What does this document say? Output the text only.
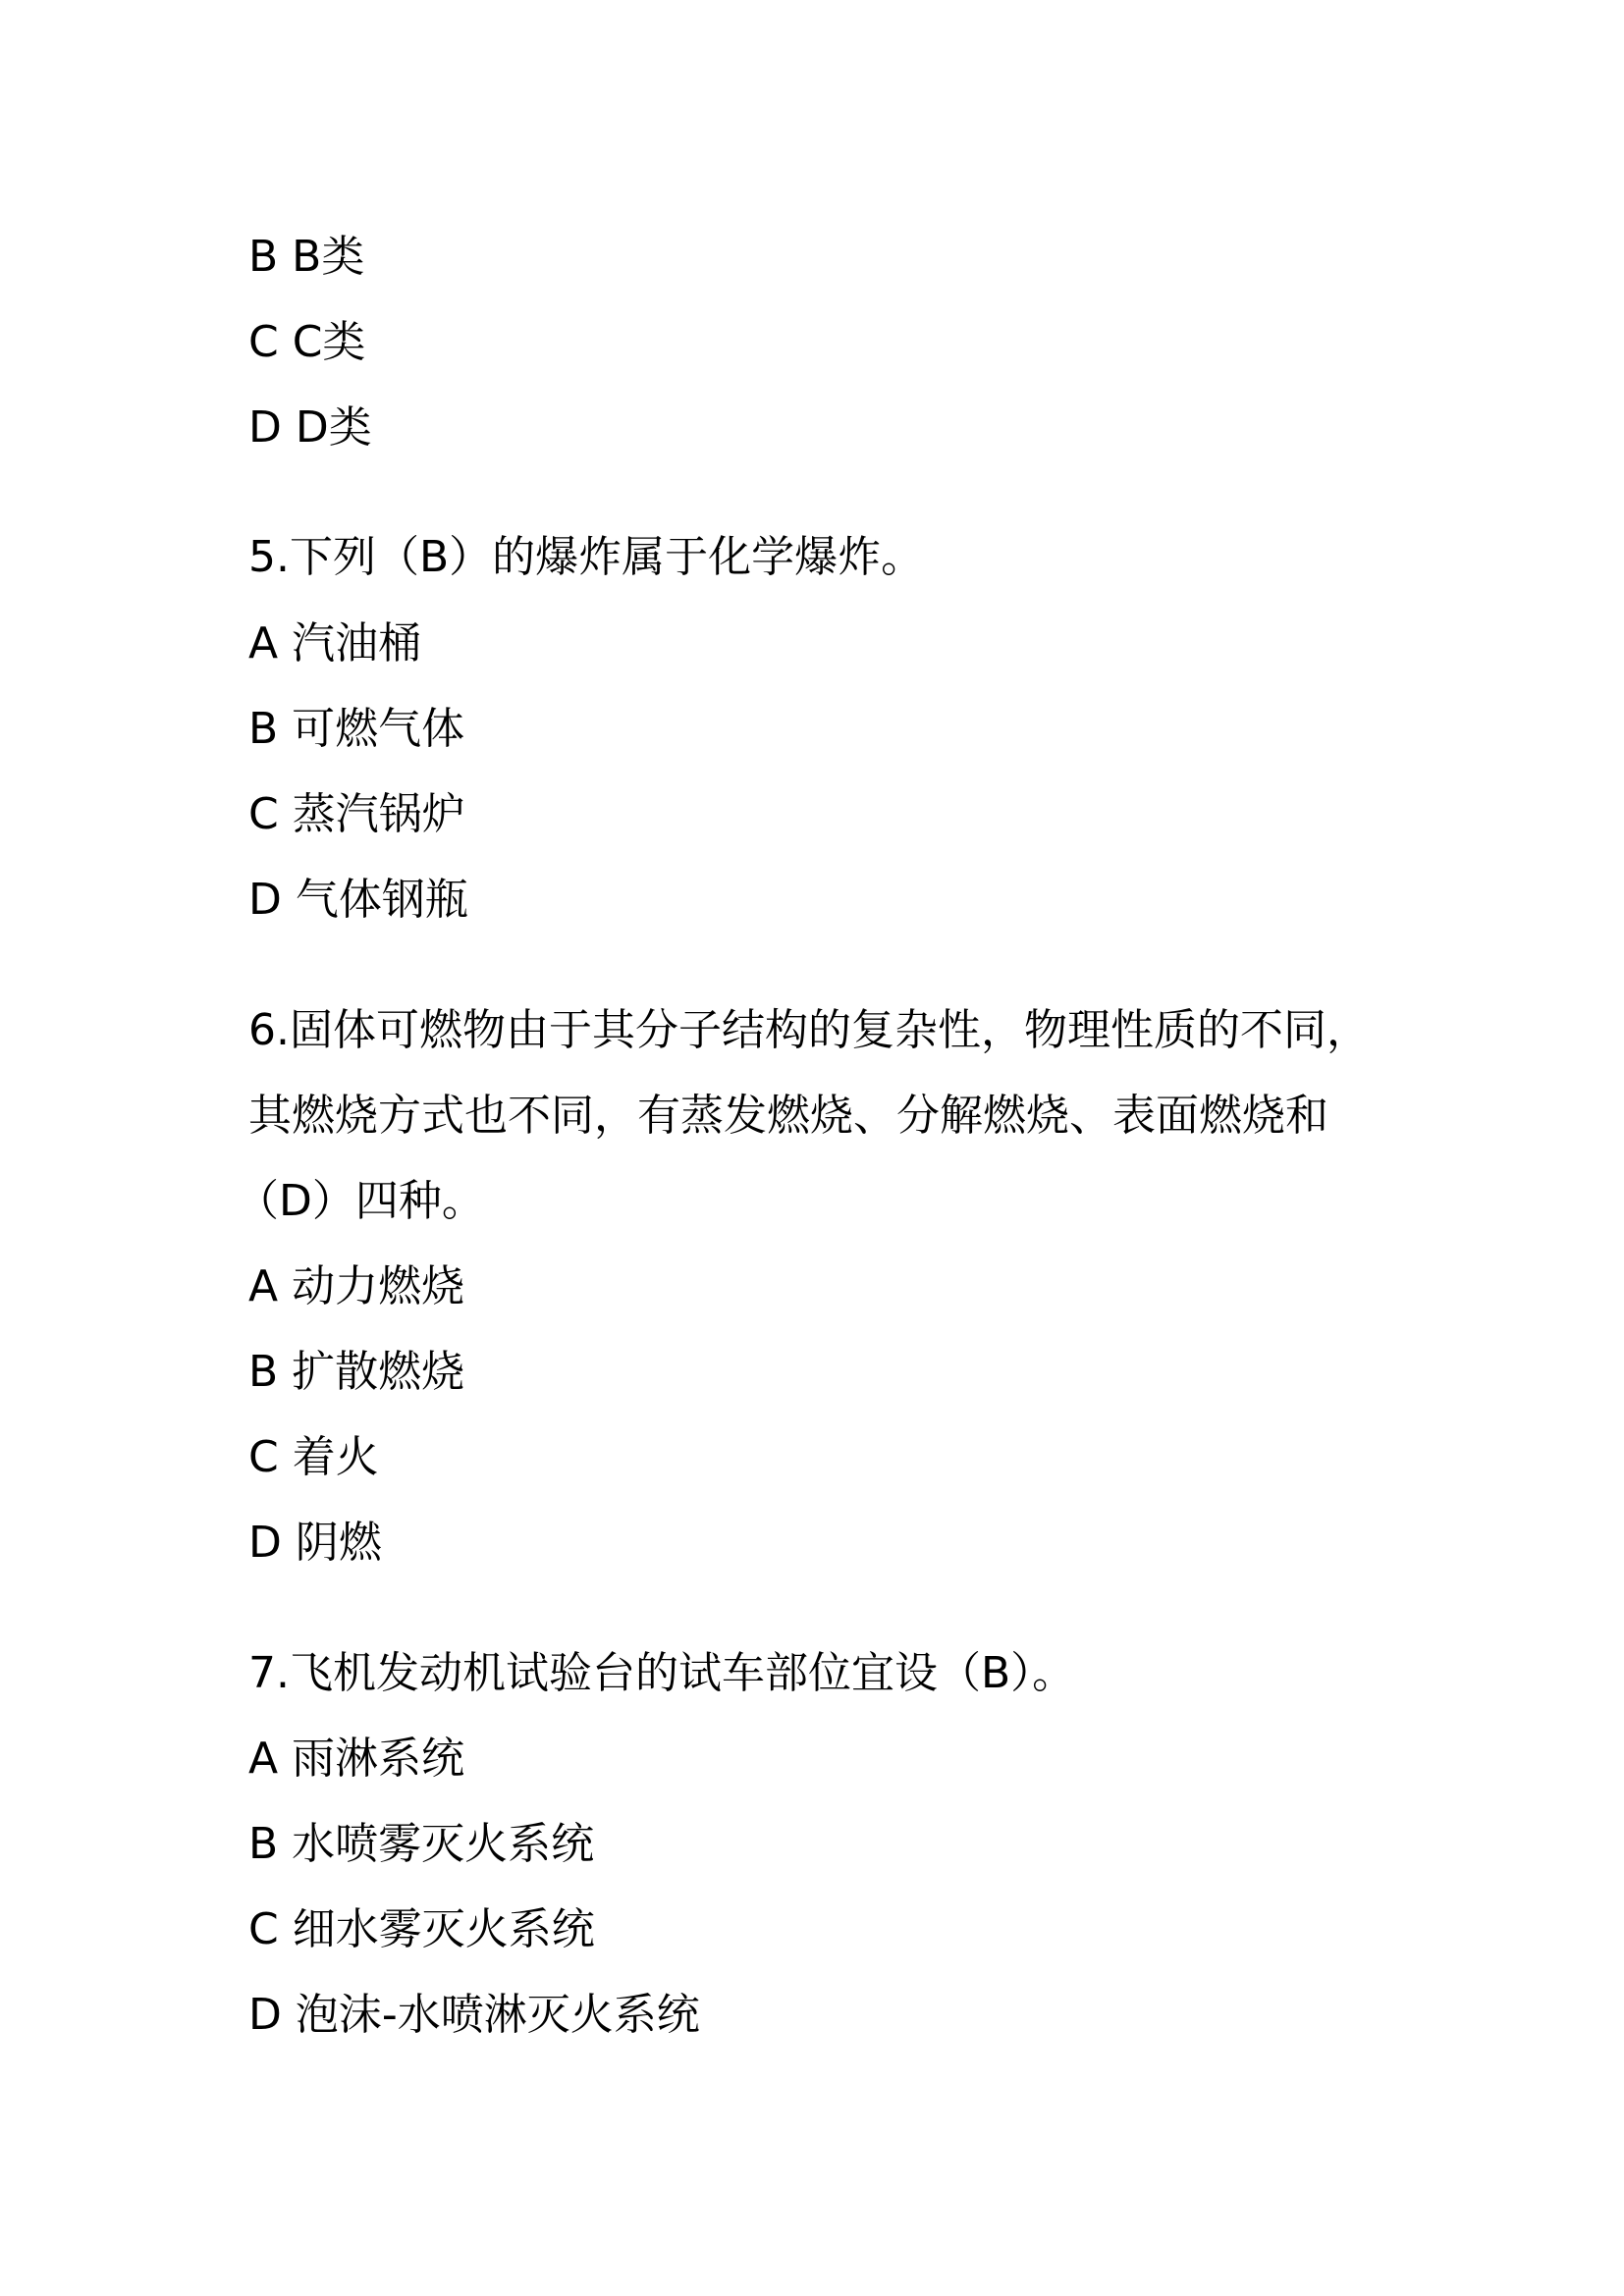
B B类
C C类
D D类
5.下列（B）的爆炸属于化学爆炸。
A 汽油桶
B 可燃气体
C 蒸汽锅炉
D 气体钢瓶
6.固体可燃物由于其分子结构的复杂性，物理性质的不同，
其燃烧方式也不同，有蒸发燃烧、分解燃烧、表面燃烧和
（D）四种。
A 动力燃烧
B 扩散燃烧
C 着火
D 阴燃
7.飞机发动机试验台的试车部位宜设（B）。
A 雨淋系统
B 水喷雾灭火系统
C 细水雾灭火系统
D 泡沫-水喷淋灭火系统
